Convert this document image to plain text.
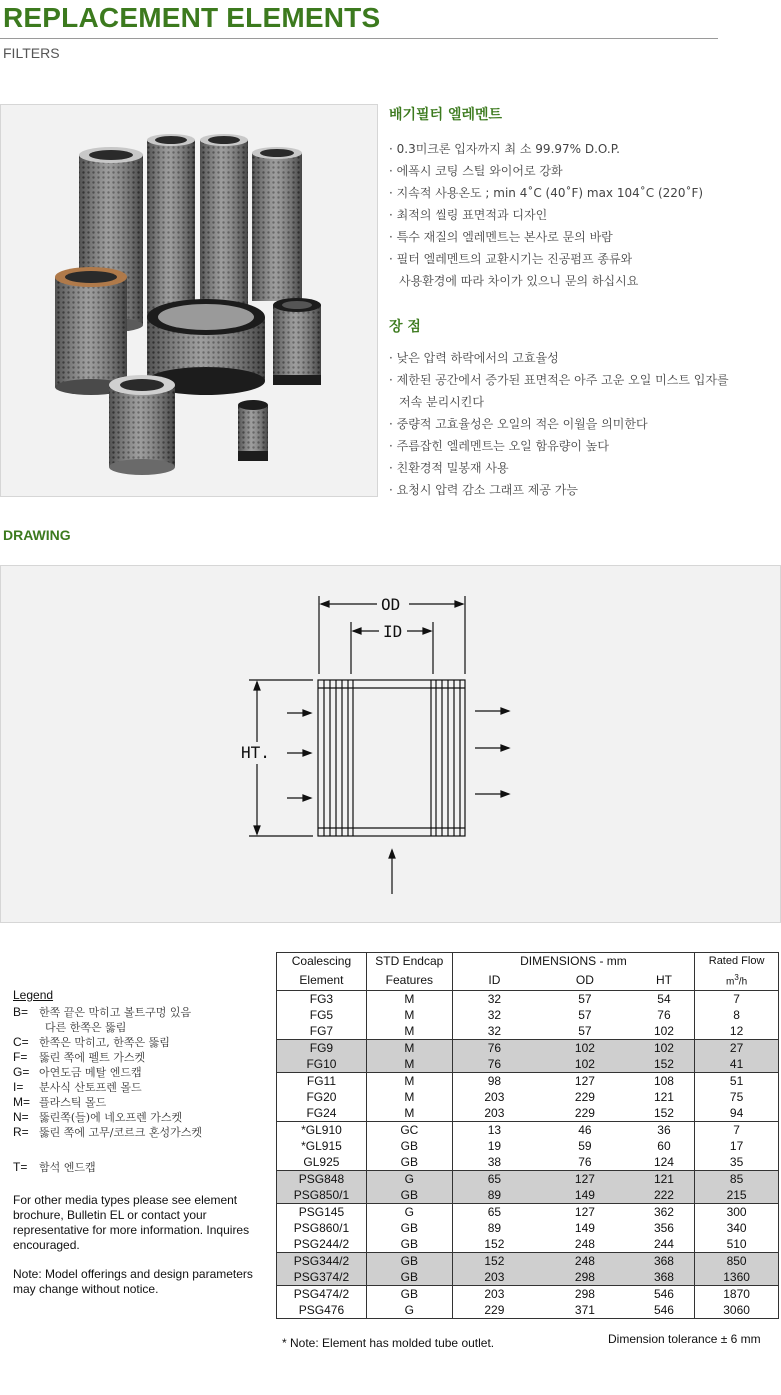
REPLACEMENT ELEMENTS
FILTERS
배기필터 엘레멘트
· 0.3미크론 입자까지 최 소 99.97% D.O.P.
· 에폭시 코팅 스틸 와이어로 강화
· 지속적 사용온도 ; min 4˚C (40˚F) max 104˚C (220˚F)
· 최적의 씰링 표면적과 디자인
· 특수 재질의 엘레멘트는 본사로 문의 바람
· 필터 엘레멘트의 교환시기는 진공펌프 종류와
사용환경에 따라 차이가 있으니 문의 하십시요
장 점
· 낮은 압력 하락에서의 고효율성
· 제한된 공간에서 증가된 표면적은 아주 고운 오일 미스트 입자를
저속 분리시킨다
· 중량적 고효율성은 오일의 적은 이월을 의미한다
· 주름잡힌 엘레멘트는 오일 함유량이 높다
· 친환경적 밀봉재 사용
· 요청시 압력 감소 그래프 제공 가능
DRAWING
OD
ID
HT.
Legend
B= 한쪽 끝은 막히고 볼트구멍 있음
다른 한쪽은 뚫림
C= 한쪽은 막히고, 한쪽은 뚫림
F=	뚫린 쪽에 펠트 가스켓
G= 아연도금 메탈 엔드캡
I=	분사식 산토프렌 몰드
M= 플라스틱 몰드
N= 뚫린쪽(들)에 네오프렌 가스켓
R= 뚫린 쪽에 고무/코르크 혼성가스켓
T=	함석 엔드캡

For other media types please see element brochure, Bulletin EL or contact your representative for more information. Inquires encouraged.

Note: Model offerings and design parameters may change without notice.

Coalescing	STD Endcap	DIMENSIONS - mm			Rated Flow
Element	Features	ID	OD	HT	$m^3/h$
FG3	M	32	57	54	7
FG5	M	32	57	76	8
FG7	M	32	57	102	12
FG9	M	76	102	102	27
FG10	M	76	102	152	41
FG11	M	98	127	108	51
FG20	M	203	229	121	75
FG24	M	203	229	152	94
*GL910	GC	13	46	36	7
*GL915	GB	19	59	60	17
GL925	GB	38	76	124	35
PSG848	G	65	127	121	85
PSG850/1	GB	89	149	222	215
PSG145	G	65	127	362	300
PSG860/1	GB	89	149	356	340
PSG244/2	GB	152	248	244	510
PSG344/2	GB	152	248	368	850
PSG374/2	GB	203	298	368	1360
PSG474/2	GB	203	298	546	1870
PSG476	G	229	371	546	3060
* Note: Element has molded tube outlet.	Dimension tolerance ± 6 mm
